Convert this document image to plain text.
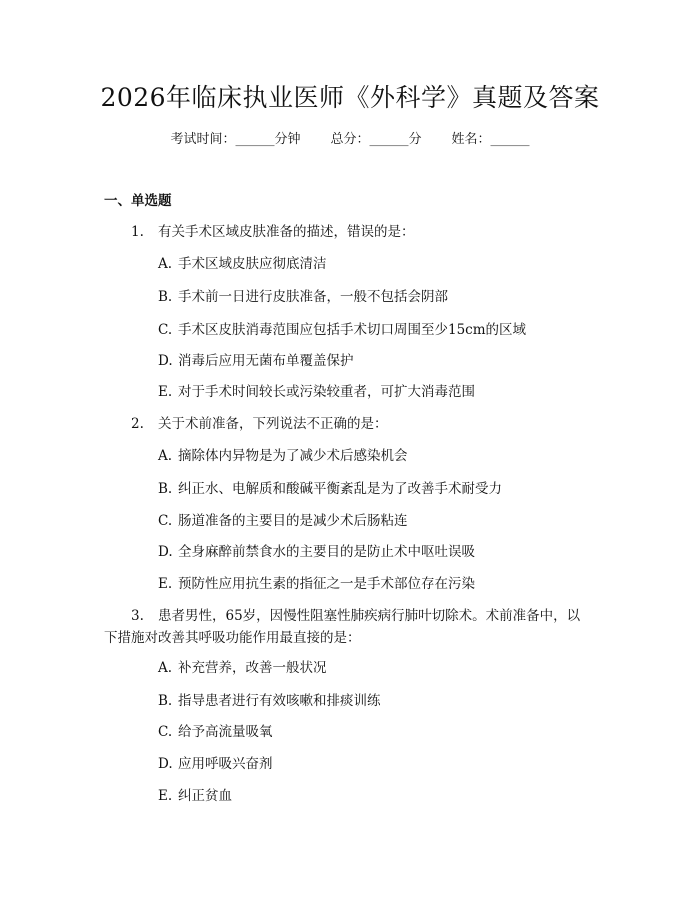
2026年临床执业医师《外科学》真题及答案
考试时间：______分钟 总分：______分 姓名：______
一、单选题
1. 有关手术区域皮肤准备的描述，错误的是：
A. 手术区域皮肤应彻底清洁
B. 手术前一日进行皮肤准备，一般不包括会阴部
C. 手术区皮肤消毒范围应包括手术切口周围至少15cm的区域
D. 消毒后应用无菌布单覆盖保护
E. 对于手术时间较长或污染较重者，可扩大消毒范围
2. 关于术前准备，下列说法不正确的是：
A. 摘除体内异物是为了减少术后感染机会
B. 纠正水、电解质和酸碱平衡紊乱是为了改善手术耐受力
C. 肠道准备的主要目的是减少术后肠粘连
D. 全身麻醉前禁食水的主要目的是防止术中呕吐误吸
E. 预防性应用抗生素的指征之一是手术部位存在污染
3. 患者男性，65岁，因慢性阻塞性肺疾病行肺叶切除术。术前准备中，以
下措施对改善其呼吸功能作用最直接的是：
A. 补充营养，改善一般状况
B. 指导患者进行有效咳嗽和排痰训练
C. 给予高流量吸氧
D. 应用呼吸兴奋剂
E. 纠正贫血
